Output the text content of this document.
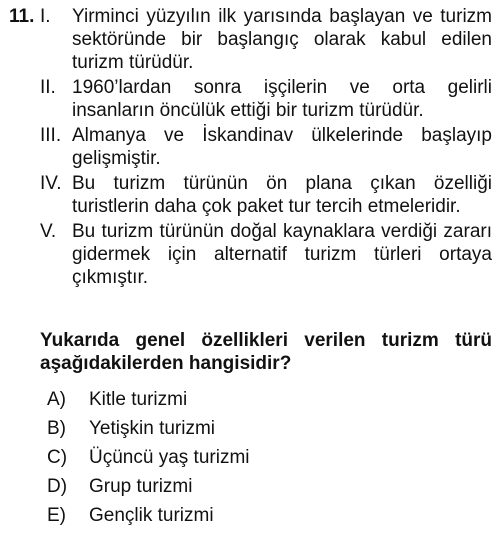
11. I.	Yirminci yüzyılın ilk yarısında başlayan ve turizm sektöründe bir başlangıç olarak kabul edilen turizm türüdür.
II. 1960’lardan sonra işçilerin ve orta gelirli insanların öncülük ettiği bir turizm türüdür.
III. Almanya ve İskandinav ülkelerinde başlayıp gelişmiştir.
IV. Bu turizm türünün ön plana çıkan özelliği turistlerin daha çok paket tur tercih etmeleridir.
V. Bu turizm türünün doğal kaynaklara verdiği zararı gidermek için alternatif turizm türleri ortaya çıkmıştır.
Yukarıda genel özellikleri verilen turizm türü aşağıdakilerden hangisidir?
A)	Kitle turizmi
B)	Yetişkin turizmi
C)	Üçüncü yaş turizmi
D)	Grup turizmi
E)	Gençlik turizmi
